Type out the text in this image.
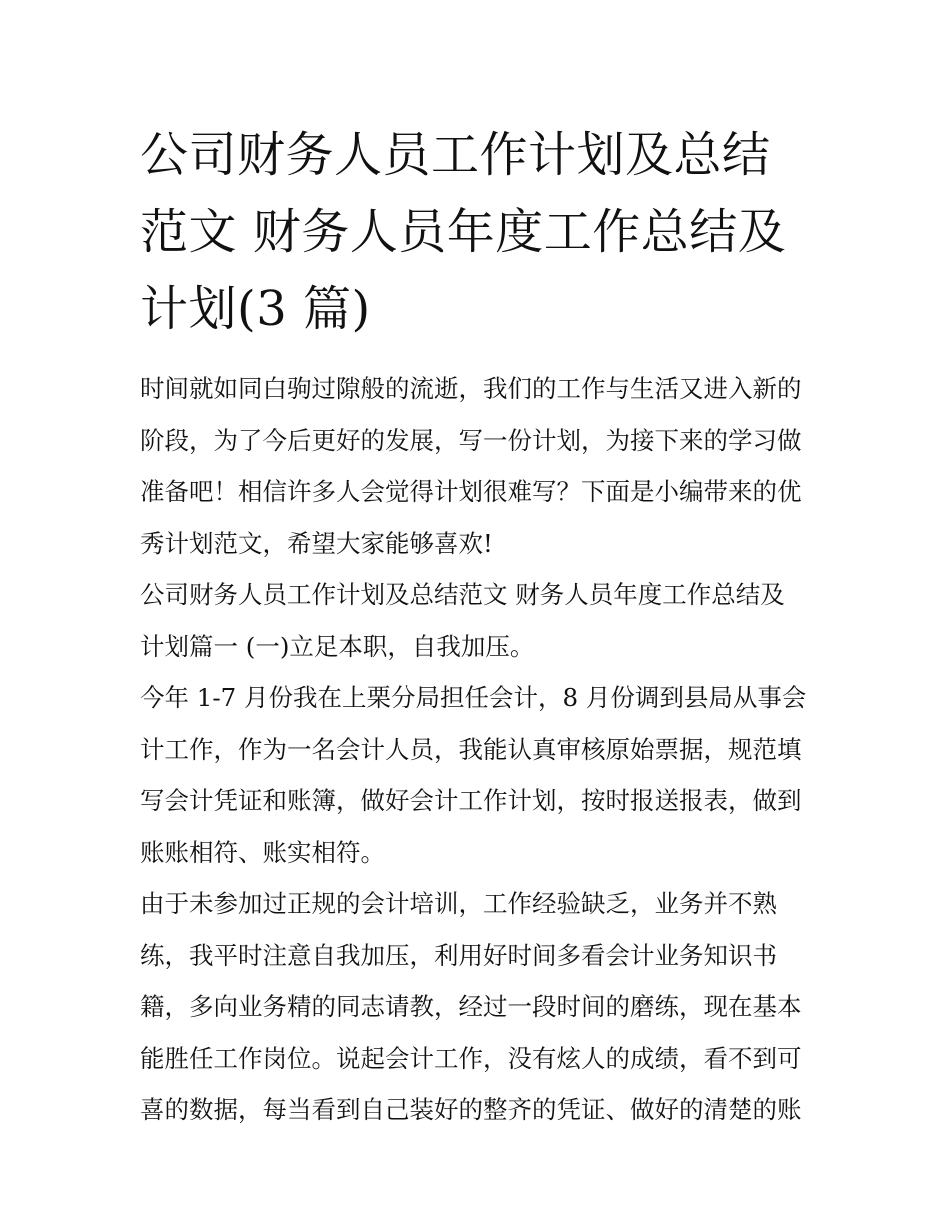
公司财务人员工作计划及总结
范文 财务人员年度工作总结及
计划(3 篇)

时间就如同白驹过隙般的流逝，我们的工作与生活又进入新的
阶段，为了今后更好的发展，写一份计划，为接下来的学习做
准备吧！相信许多人会觉得计划很难写？下面是小编带来的优
秀计划范文，希望大家能够喜欢!

公司财务人员工作计划及总结范文 财务人员年度工作总结及
计划篇一 (一)立足本职，自我加压。

今年 1-7 月份我在上栗分局担任会计，8 月份调到县局从事会
计工作，作为一名会计人员，我能认真审核原始票据，规范填
写会计凭证和账簿，做好会计工作计划，按时报送报表，做到
账账相符、账实相符。

由于未参加过正规的会计培训，工作经验缺乏，业务并不熟
练，我平时注意自我加压，利用好时间多看会计业务知识书
籍，多向业务精的同志请教，经过一段时间的磨练，现在基本
能胜任工作岗位。说起会计工作，没有炫人的成绩，看不到可
喜的数据，每当看到自己装好的整齐的凭证、做好的清楚的账
